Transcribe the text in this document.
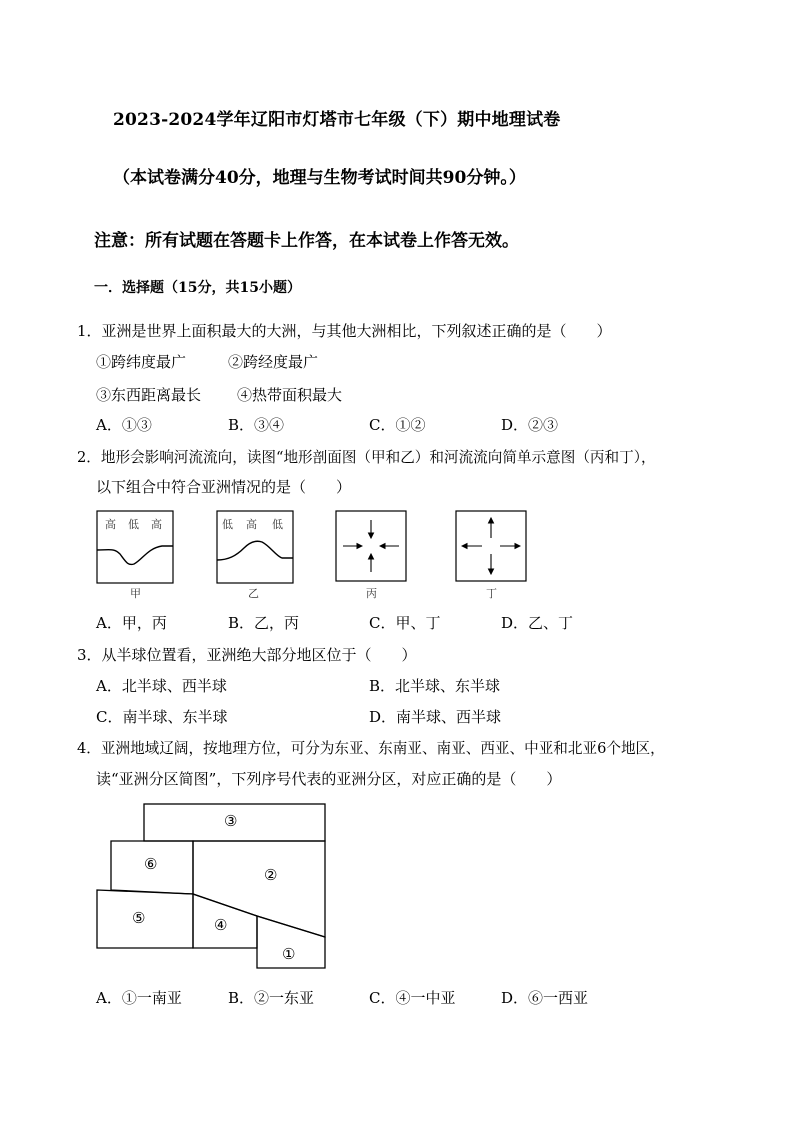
2023-2024学年辽阳市灯塔市七年级（下）期中地理试卷
（本试卷满分40分，地理与生物考试时间共90分钟。）
注意：所有试题在答题卡上作答，在本试卷上作答无效。
一．选择题（15分，共15小题）
1．亚洲是世界上面积最大的大洲，与其他大洲相比，下列叙述正确的是（　　）
①跨纬度最广	②跨经度最广
③东西距离最长 ④热带面积最大
A．①③	B．③④	C．①②	D．②③
2．地形会影响河流流向，读图“地形剖面图（甲和乙）和河流流向简单示意图（丙和丁），
以下组合中符合亚洲情况的是（　　）
高 低 高
甲
低 高 低
乙	丙	丁
A．甲，丙	B．乙，丙	C．甲、丁	D．乙、丁
3．从半球位置看，亚洲绝大部分地区位于（　　）
A．北半球、西半球	B．北半球、东半球
C．南半球、东半球	D．南半球、西半球
4．亚洲地域辽阔，按地理方位，可分为东亚、东南亚、南亚、西亚、中亚和北亚6个地区，
读“亚洲分区简图”，下列序号代表的亚洲分区，对应正确的是（　　）
③
⑥
②
⑤	④
①
A．①一南亚	B．②一东亚	C．④一中亚	D．⑥一西亚
